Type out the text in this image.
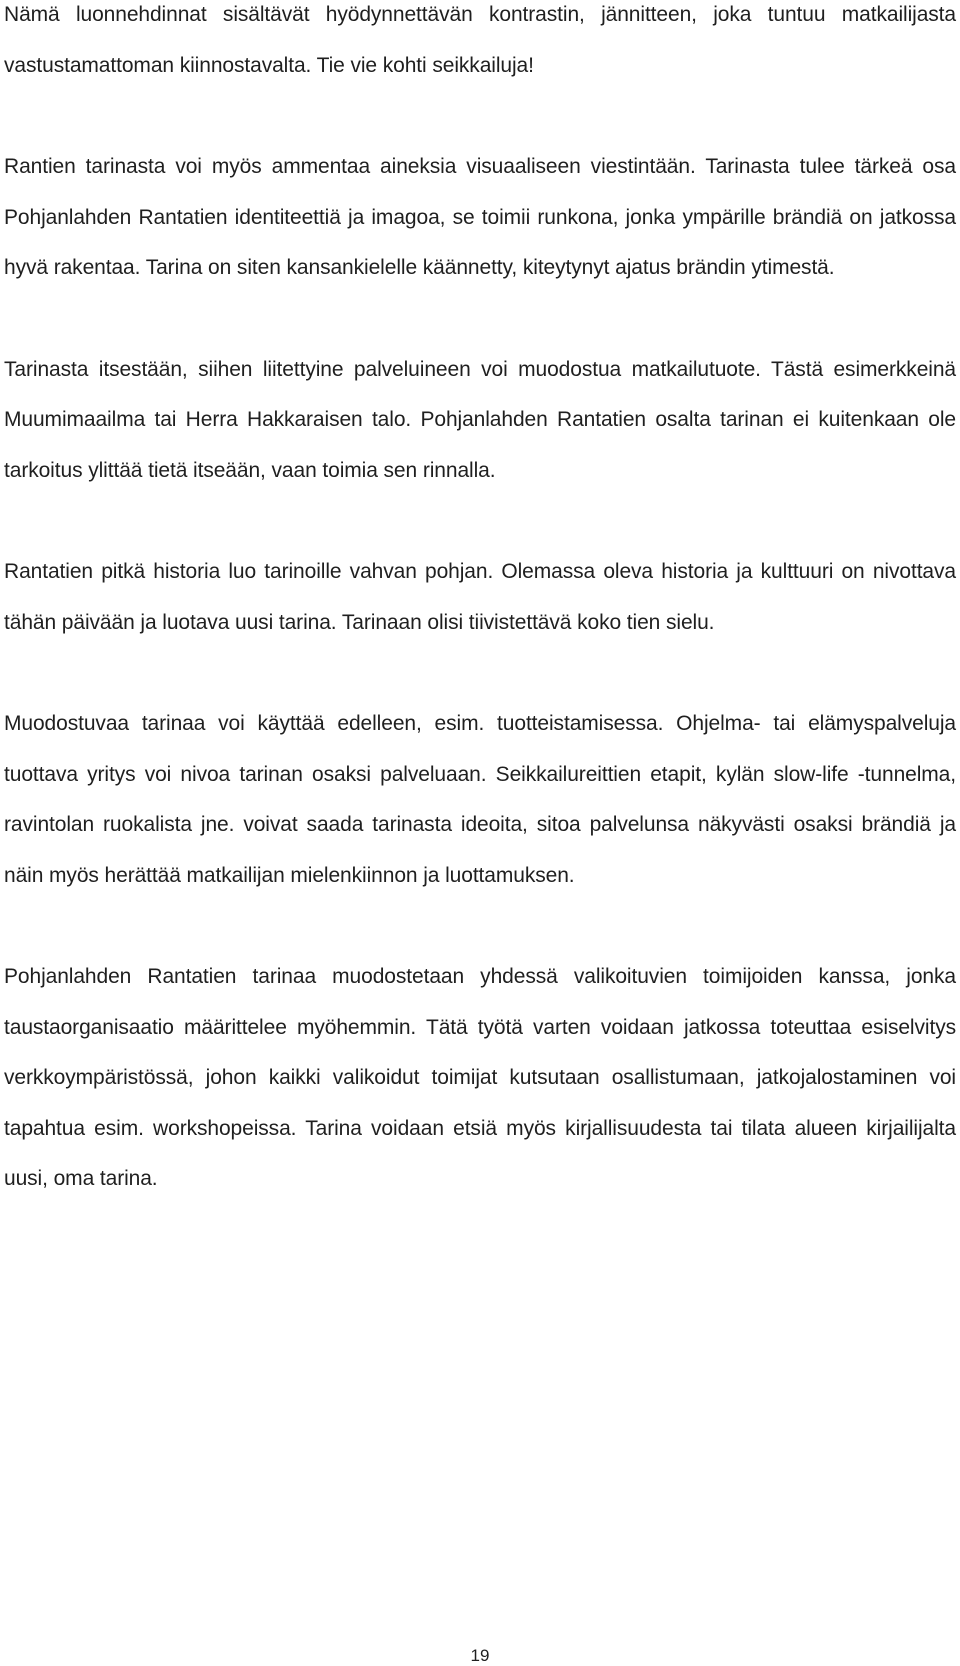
Nämä luonnehdinnat sisältävät hyödynnettävän kontrastin, jännitteen, joka tuntuu matkailijasta vastustamattoman kiinnostavalta. Tie vie kohti seikkailuja!

Rantien tarinasta voi myös ammentaa aineksia visuaaliseen viestintään. Tarinasta tulee tärkeä osa Pohjanlahden Rantatien identiteettiä ja imagoa, se toimii runkona, jonka ympärille brändiä on jatkossa hyvä rakentaa. Tarina on siten kansankielelle käännetty, kiteytynyt ajatus brändin ytimestä.

Tarinasta itsestään, siihen liitettyine palveluineen voi muodostua matkailutuote. Tästä esimerkkeinä Muumimaailma tai Herra Hakkaraisen talo. Pohjanlahden Rantatien osalta tarinan ei kuitenkaan ole tarkoitus ylittää tietä itseään, vaan toimia sen rinnalla.

Rantatien pitkä historia luo tarinoille vahvan pohjan. Olemassa oleva historia ja kulttuuri on nivottava tähän päivään ja luotava uusi tarina. Tarinaan olisi tiivistettävä koko tien sielu.

Muodostuvaa tarinaa voi käyttää edelleen, esim. tuotteistamisessa. Ohjelma- tai elämyspalveluja tuottava yritys voi nivoa tarinan osaksi palveluaan. Seikkailureittien etapit, kylän slow-life -tunnelma, ravintolan ruokalista jne. voivat saada tarinasta ideoita, sitoa palvelunsa näkyvästi osaksi brändiä ja näin myös herättää matkailijan mielenkiinnon ja luottamuksen.

Pohjanlahden Rantatien tarinaa muodostetaan yhdessä valikoituvien toimijoiden kanssa, jonka taustaorganisaatio määrittelee myöhemmin. Tätä työtä varten voidaan jatkossa toteuttaa esiselvitys verkkoympäristössä, johon kaikki valikoidut toimijat kutsutaan osallistumaan, jatkojalostaminen voi tapahtua esim. workshopeissa. Tarina voidaan etsiä myös kirjallisuudesta tai tilata alueen kirjailijalta uusi, oma tarina.

19
